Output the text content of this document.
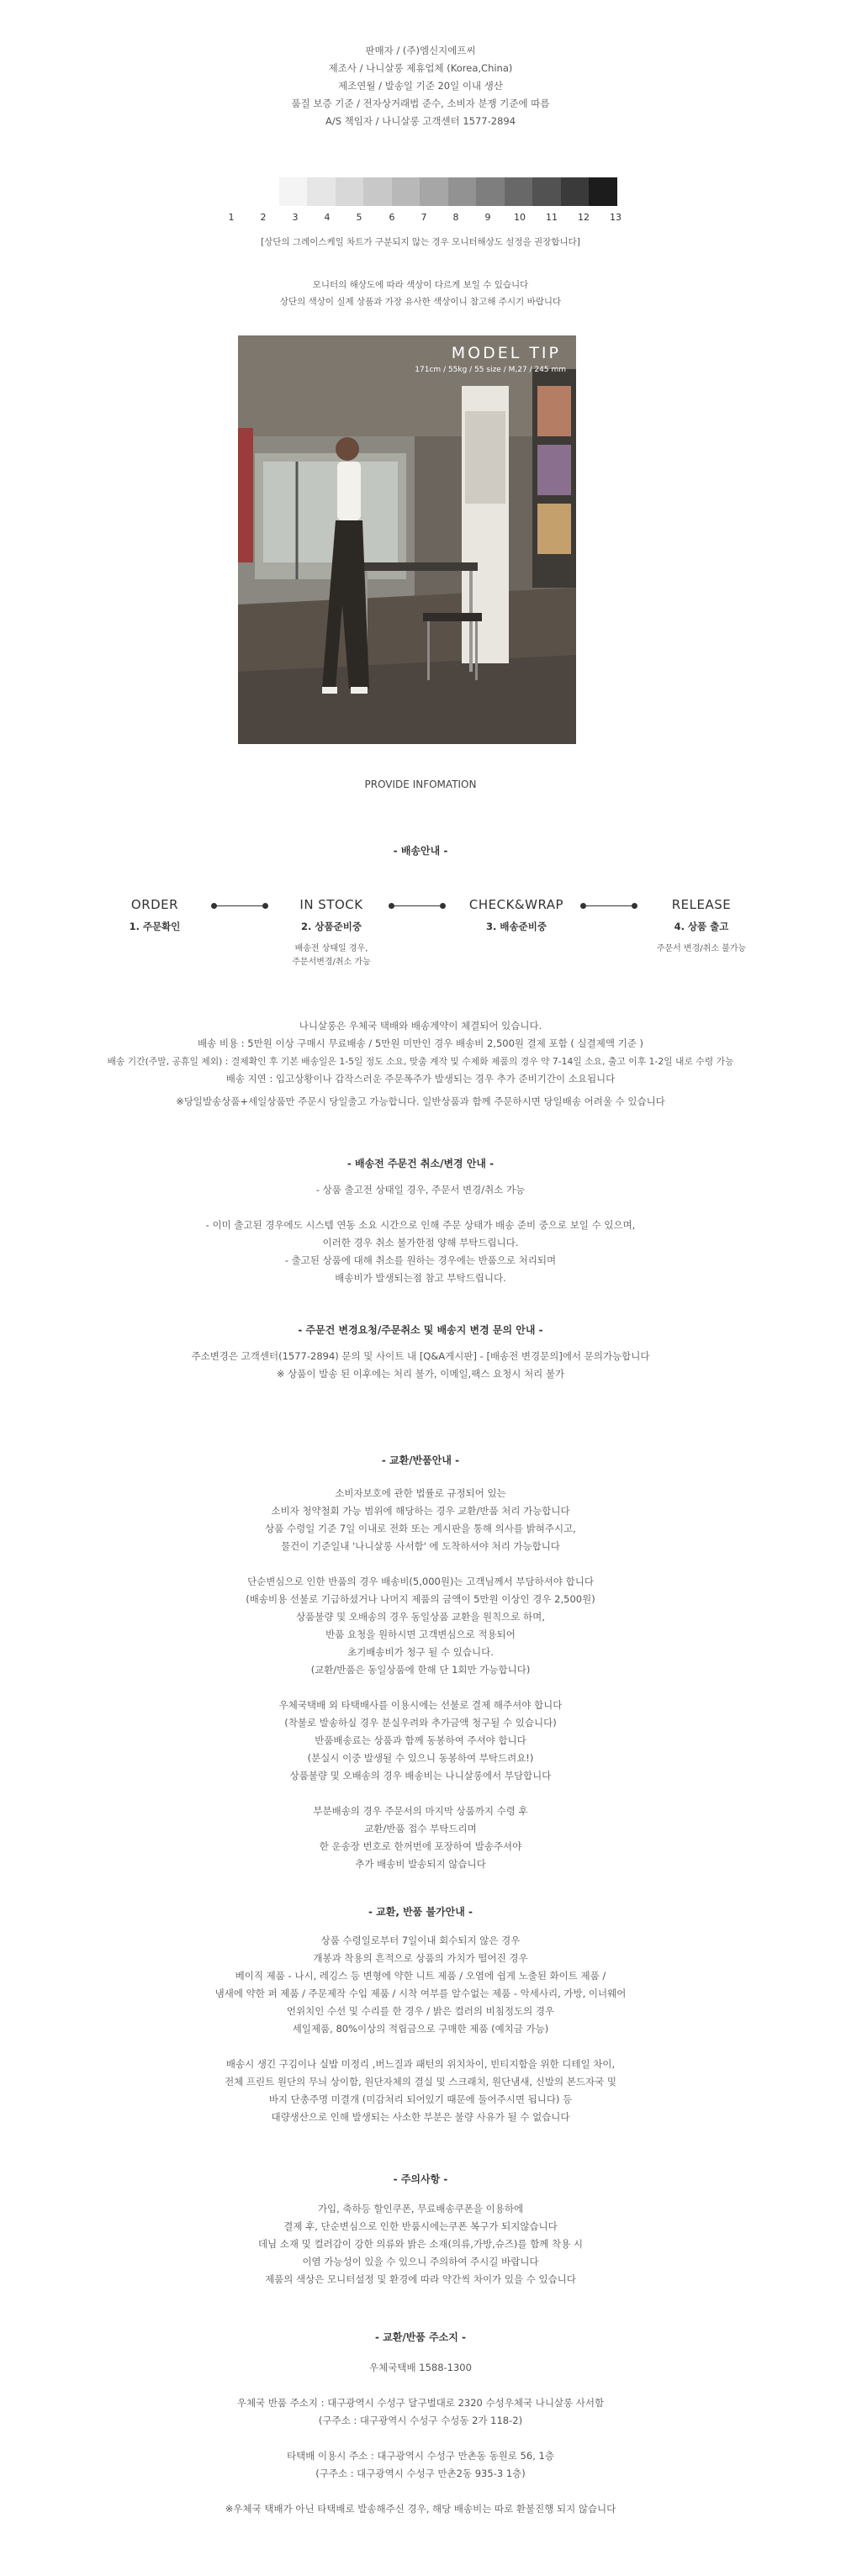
판매자 / (주)엠신지에프씨
제조사 / 나니살롱 제휴업체 (Korea,China)
제조연월 / 발송일 기준 20일 이내 생산
품질 보증 기준 / 전자상거래법 준수, 소비자 분쟁 기준에 따름
A/S 책임자 / 나니살롱 고객센터 1577-2894
1	2	3	4	5	6	7	8	9	10 11 12 13
[상단의 그레이스케일 차트가 구분되지 않는 경우 모니터해상도 설정을 권장합니다]
모니터의 해상도에 따라 색상이 다르게 보일 수 있습니다
상단의 색상이 실제 상품과 가장 유사한 색상이니 참고해 주시기 바랍니다
MODEL TIP
171cm / 55kg / 55 size / M,27 / 245 mm
PROVIDE INFOMATION
- 배송안내 -
ORDER
1. 주문확인
IN STOCK
2. 상품준비중
배송전 상태일 경우,
주문서변경/취소 가능
CHECK&WRAP
3. 배송준비중
RELEASE
4. 상품 출고
주문서 변경/취소 불가능
나니살롱은 우체국 택배와 배송계약이 체결되어 있습니다.
배송 비용 : 5만원 이상 구매시 무료배송 / 5만원 미만인 경우 배송비 2,500원 결제 포함 ( 실결제액 기준 )
배송 기간(주말, 공휴일 제외) : 결제확인 후 기본 배송일은 1-5일 정도 소요, 맞춤 계작 및 수제화 제품의 경우 약 7-14일 소요, 출고 이후 1-2일 내로 수령 가능
배송 지연 : 입고상황이나 갑작스러운 주문폭주가 발생되는 경우 추가 준비기간이 소요됩니다
※당일발송상품+세일상품만 주문시 당일출고 가능합니다. 일반상품과 함께 주문하시면 당일배송 어려울 수 있습니다
- 배송전 주문건 취소/변경 안내 -
- 상품 출고전 상태일 경우, 주문서 변경/취소 가능

- 이미 출고된 경우에도 시스템 연동 소요 시간으로 인해 주문 상태가 배송 준비 중으로 보일 수 있으며,
이러한 경우 취소 불가한점 양해 부탁드립니다.
- 출고된 상품에 대해 취소를 원하는 경우에는 반품으로 처리되며
배송비가 발생되는점 참고 부탁드립니다.
- 주문건 변경요청/주문취소 및 배송지 변경 문의 안내 -
주소변경은 고객센터(1577-2894) 문의 및 사이트 내 [Q&A게시판] - [배송전 변경문의]에서 문의가능합니다
※ 상품이 발송 된 이후에는 처리 불가, 이메일,팩스 요청시 처리 불가
- 교환/반품안내 -
소비자보호에 관한 법률로 규정되어 있는
소비자 청약철회 가능 범위에 해당하는 경우 교환/반품 처리 가능합니다
상품 수령일 기준 7일 이내로 전화 또는 게시판을 통해 의사를 밝혀주시고,
물건이 기준일내 '나니살롱 사서함' 에 도착하셔야 처리 가능합니다

단순변심으로 인한 반품의 경우 배송비(5,000원)는 고객님께서 부담하셔야 합니다
(배송비용 선불로 기급하셨거나 나머지 제품의 금액이 5만원 이상인 경우 2,500원)
상품불량 및 오배송의 경우 동일상품 교환을 원칙으로 하며,
반품 요청을 원하시면 고객변심으로 적용되어
초기배송비가 청구 될 수 있습니다.
(교환/반품은 동일상품에 한해 단 1회만 가능합니다)

우체국택배 외 타택배사를 이용시에는 선불로 결제 해주셔야 합니다
(착불로 발송하실 경우 분실우려와 추가금액 청구될 수 있습니다)
반품배송료는 상품과 함께 동봉하여 주셔야 합니다
(분실시 이중 발생될 수 있으니 동봉하여 부탁드려요!)
상품불량 및 오배송의 경우 배송비는 나니살롱에서 부담합니다

부분배송의 경우 주문서의 마지막 상품까지 수령 후
교환/반품 접수 부탁드리며
한 운송장 번호로 한꺼번에 포장하여 발송주셔야
추가 배송비 발송되지 않습니다
- 교환, 반품 불가안내 -
상품 수령일로부터 7일이내 회수되지 않은 경우
개봉과 착용의 흔적으로 상품의 가치가 떨어진 경우
베이직 제품 - 나시, 레깅스 등 변형에 약한 니트 제품 / 오염에 쉽게 노출된 화이트 제품 /
냄새에 약한 퍼 제품 / 주문제작 수입 제품 / 시착 여부를 알수없는 제품 - 악세사리, 가방, 이너웨어
언위치인 수선 및 수리를 한 경우 / 밝은 컬러의 비침정도의 경우
세일제품, 80%이상의 적립금으로 구매한 제품 (예치금 가능)

배송시 생긴 구김이나 실밥 미정리 ,버느질과 패턴의 위치차이, 빈티지함을 위한 디테일 차이,
전체 프린트 원단의 무늬 상이함, 원단자체의 결실 및 스크래치, 원단냄새, 신발의 본드자국 및
바지 단총주명 미결개 (미감처리 되어있기 때문에 둘어주시면 됩니다) 등
대량생산으로 인해 발생되는 사소한 부분은 불량 사유가 될 수 없습니다
- 주의사항 -
가입, 축하등 할인쿠폰, 무료배송쿠폰을 이용하에
결제 후, 단순변심으로 인한 반품시에는쿠폰 복구가 되지않습니다
데님 소재 및 컬러감이 강한 의류와 밝은 소재(의류,가방,슈즈)를 함께 착용 시
이염 가능성이 있을 수 있으니 주의하여 주시길 바랍니다
제품의 색상은 모니터설정 및 환경에 따라 약간씩 차이가 있을 수 있습니다
- 교환/반품 주소지 -
우체국택배 1588-1300

우체국 반품 주소지 : 대구광역시 수성구 달구벌대로 2320 수성우체국 나니살롱 사서함
(구주소 : 대구광역시 수성구 수성동 2가 118-2)

타택배 이용시 주소 : 대구광역시 수성구 만촌동 동원로 56, 1층
(구주소 : 대구광역시 수성구 만촌2동 935-3 1층)

※우체국 택배가 아닌 타택배로 발송해주신 경우, 해당 배송비는 따로 환불진행 되지 않습니다
